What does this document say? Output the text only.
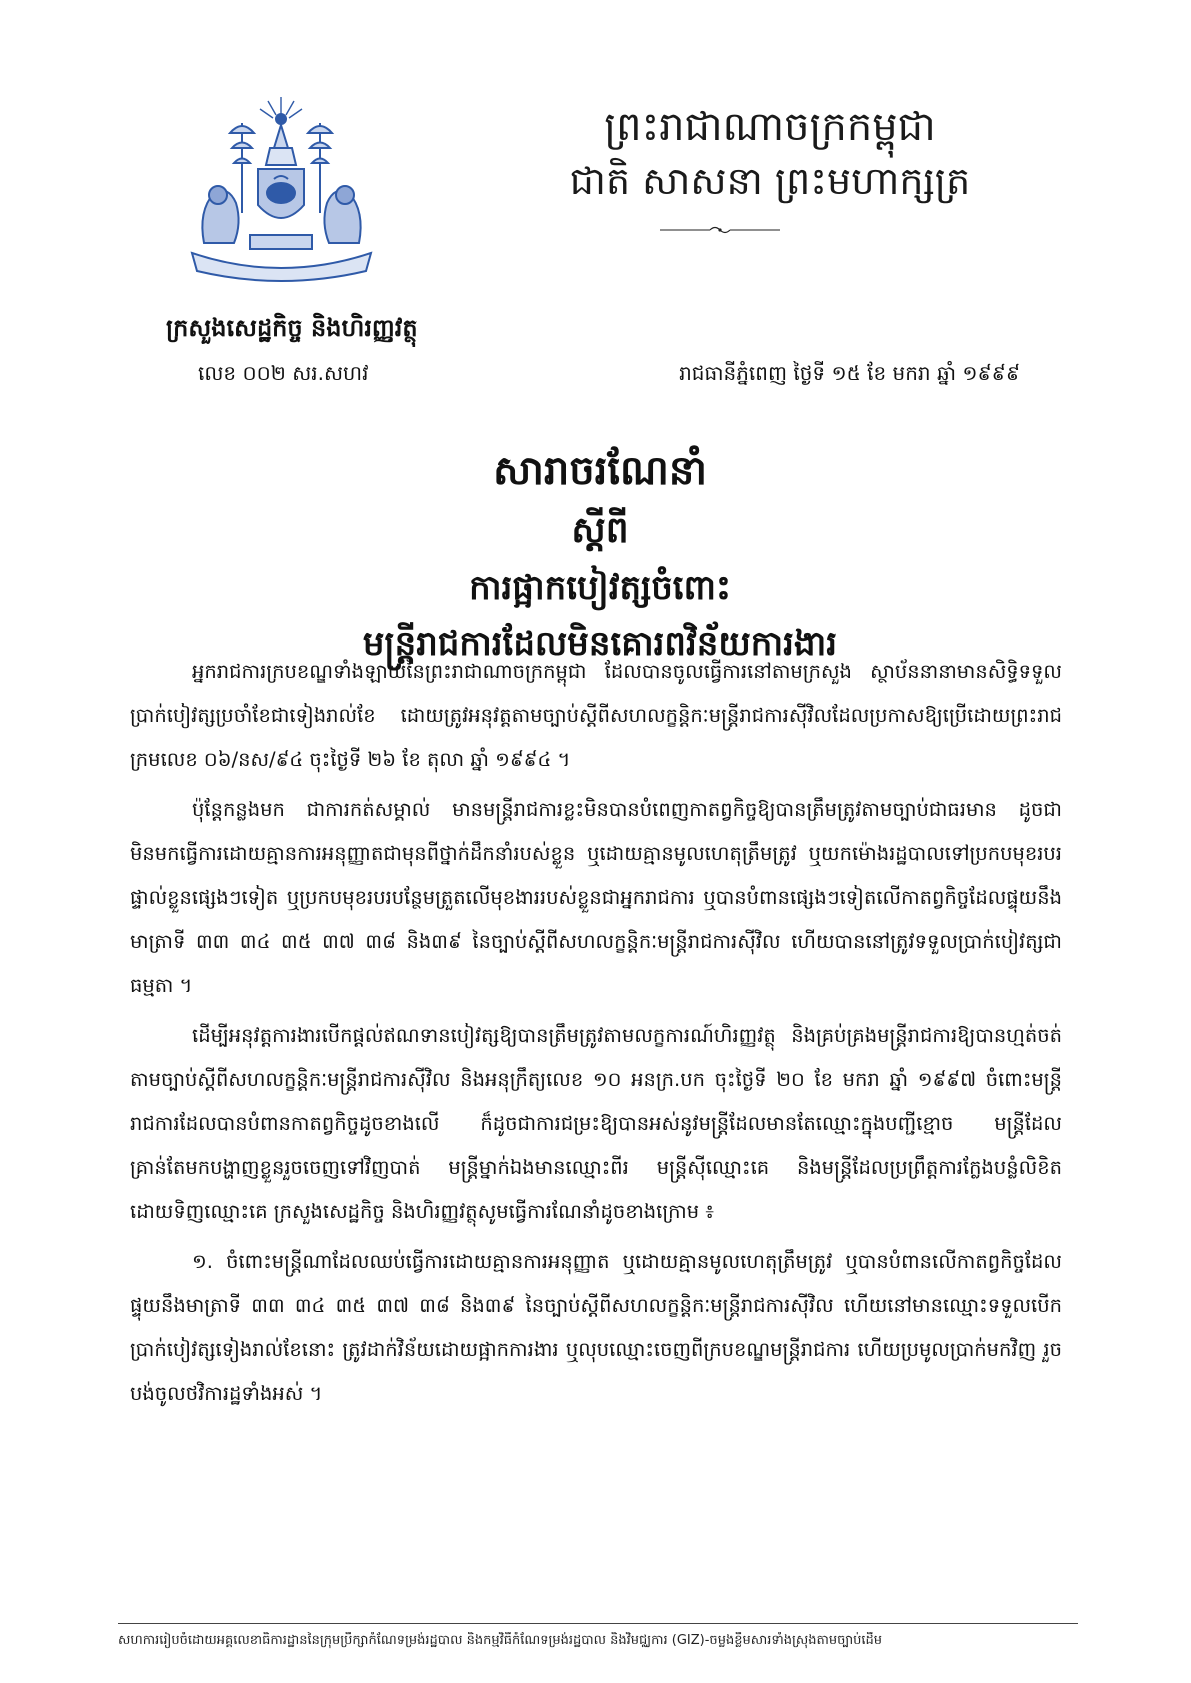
ព្រះរាជាណាចក្រកម្ពុជា
ជាតិ សាសនា ព្រះមហាក្សត្រ
ក្រសួងសេដ្ឋកិច្ច និងហិរញ្ញវត្ថុ
លេខ ០០២ សរ.សហវ	រាជធានីភ្នំពេញ ថ្ងៃទី ១៥ ខែ មករា ឆ្នាំ ១៩៩៩
សារាចរណែនាំ
ស្តីពី
ការផ្អាកបៀវត្សចំពោះ
មន្ត្រីរាជការដែលមិនគោរពវិន័យការងារ

អ្នករាជការក្របខណ្ឌទាំងឡាយនៃព្រះរាជាណាចក្រកម្ពុជា ដែលបានចូលធ្វើការនៅតាមក្រសួង ស្ថាប័ននានាមានសិទ្ធិទទួលប្រាក់បៀវត្សប្រចាំខែជាទៀងរាល់ខែ ដោយត្រូវអនុវត្តតាមច្បាប់ស្តីពីសហលក្ខន្តិកៈមន្ត្រីរាជការស៊ីវិលដែលប្រកាសឱ្យប្រើដោយព្រះរាជក្រមលេខ ០៦/នស/៩៤ ចុះថ្ងៃទី ២៦ ខែ តុលា ឆ្នាំ ១៩៩៤ ។

ប៉ុន្តែកន្លងមក ជាការកត់សម្គាល់ មានមន្ត្រីរាជការខ្លះមិនបានបំពេញកាតព្វកិច្ចឱ្យបានត្រឹមត្រូវតាមច្បាប់ជាធរមាន ដូចជា មិនមកធ្វើការដោយគ្មានការអនុញ្ញាតជាមុនពីថ្នាក់ដឹកនាំរបស់ខ្លួន ឬដោយគ្មានមូលហេតុត្រឹមត្រូវ ឬយកម៉ោងរដ្ឋបាលទៅប្រកបមុខរបរផ្ទាល់ខ្លួនផ្សេងៗទៀត ឬប្រកបមុខរបរបន្ថែមត្រួតលើមុខងាររបស់ខ្លួនជាអ្នករាជការ ឬបានបំពានផ្សេងៗទៀតលើកាតព្វកិច្ចដែលផ្ទុយនឹងមាត្រាទី ៣៣ ៣៤ ៣៥ ៣៧ ៣៨ និង៣៩ នៃច្បាប់ស្តីពីសហលក្ខន្តិកៈមន្ត្រីរាជការស៊ីវិល ហើយបាននៅត្រូវទទួលប្រាក់បៀវត្សជាធម្មតា ។

ដើម្បីអនុវត្តការងារបើកផ្តល់ឥណទានបៀវត្សឱ្យបានត្រឹមត្រូវតាមលក្ខការណ៍ហិរញ្ញវត្ថុ និងគ្រប់គ្រងមន្ត្រីរាជការឱ្យបានហ្មត់ចត់តាមច្បាប់ស្តីពីសហលក្ខន្តិកៈមន្ត្រីរាជការស៊ីវិល និងអនុក្រឹត្យលេខ ១០ អនក្រ.បក ចុះថ្ងៃទី ២០ ខែ មករា ឆ្នាំ ១៩៩៧ ចំពោះមន្ត្រីរាជការដែលបានបំពានកាតព្វកិច្ចដូចខាងលើ ក៏ដូចជាការជម្រះឱ្យបានអស់នូវមន្ត្រីដែលមានតែឈ្មោះក្នុងបញ្ជីខ្មោច មន្ត្រីដែលគ្រាន់តែមកបង្ហាញខ្លួនរួចចេញទៅវិញបាត់ មន្ត្រីម្នាក់ឯងមានឈ្មោះពីរ មន្ត្រីស៊ីឈ្មោះគេ និងមន្ត្រីដែលប្រព្រឹត្តការក្លែងបន្លំលិខិតដោយទិញឈ្មោះគេ ក្រសួងសេដ្ឋកិច្ច និងហិរញ្ញវត្ថុសូមធ្វើការណែនាំដូចខាងក្រោម ៖

១. ចំពោះមន្ត្រីណាដែលឈប់ធ្វើការដោយគ្មានការអនុញ្ញាត ឬដោយគ្មានមូលហេតុត្រឹមត្រូវ ឬបានបំពានលើកាតព្វកិច្ចដែលផ្ទុយនឹងមាត្រាទី ៣៣ ៣៤ ៣៥ ៣៧ ៣៨ និង៣៩ នៃច្បាប់ស្តីពីសហលក្ខន្តិកៈមន្ត្រីរាជការស៊ីវិល ហើយនៅមានឈ្មោះទទួលបើកប្រាក់បៀវត្សទៀងរាល់ខែនោះ ត្រូវដាក់វិន័យដោយផ្អាកការងារ ឬលុបឈ្មោះចេញពីក្របខណ្ឌមន្ត្រីរាជការ ហើយប្រមូលប្រាក់មកវិញ រួចបង់ចូលថវិការដ្ឋទាំងអស់ ។

សហការរៀបចំដោយអគ្គលេខាធិការដ្ឋាននៃក្រុមប្រឹក្សាកំណែទម្រង់រដ្ឋបាល និងកម្មវិធីកំណែទម្រង់រដ្ឋបាល និងវិមជ្ឈការ (GIZ)-ចម្លងខ្លឹមសារទាំងស្រុងតាមច្បាប់ដើម
